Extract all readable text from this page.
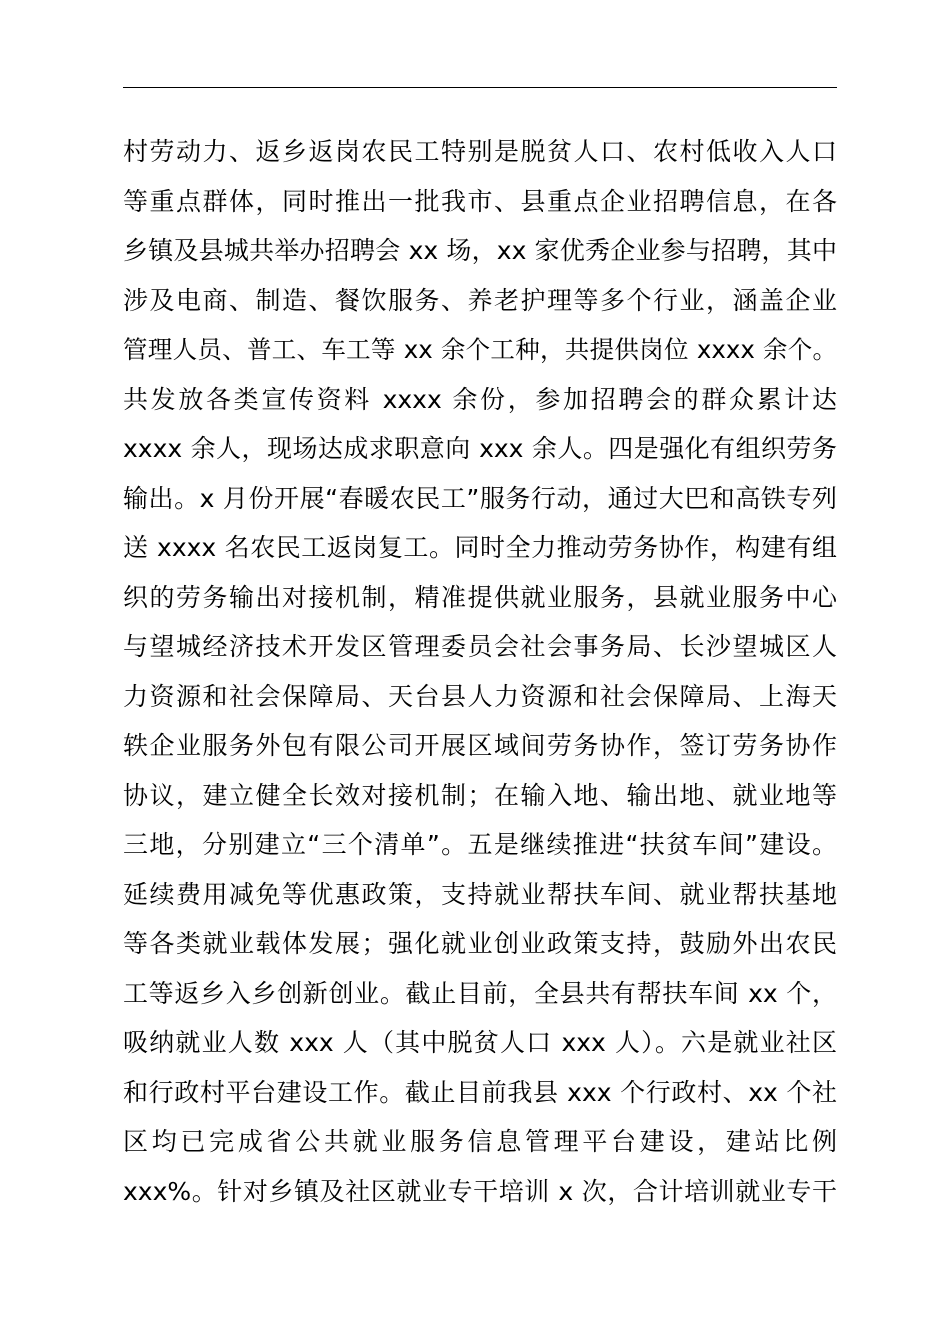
村劳动力、返乡返岗农民工特别是脱贫人口、农村低收入人口
等重点群体，同时推出一批我市、县重点企业招聘信息，在各
乡镇及县城共举办招聘会 xx 场，xx 家优秀企业参与招聘，其中
涉及电商、制造、餐饮服务、养老护理等多个行业，涵盖企业
管理人员、普工、车工等 xx 余个工种，共提供岗位 xxxx 余个。
共发放各类宣传资料 xxxx 余份，参加招聘会的群众累计达
xxxx 余人，现场达成求职意向 xxx 余人。四是强化有组织劳务
输出。x 月份开展“春暖农民工”服务行动，通过大巴和高铁专列
送 xxxx 名农民工返岗复工。同时全力推动劳务协作，构建有组
织的劳务输出对接机制，精准提供就业服务，县就业服务中心
与望城经济技术开发区管理委员会社会事务局、长沙望城区人
力资源和社会保障局、天台县人力资源和社会保障局、上海天
轶企业服务外包有限公司开展区域间劳务协作，签订劳务协作
协议，建立健全长效对接机制；在输入地、输出地、就业地等
三地，分别建立“三个清单”。五是继续推进“扶贫车间”建设。
延续费用减免等优惠政策，支持就业帮扶车间、就业帮扶基地
等各类就业载体发展；强化就业创业政策支持，鼓励外出农民
工等返乡入乡创新创业。截止目前，全县共有帮扶车间 xx 个，
吸纳就业人数 xxx 人（其中脱贫人口 xxx 人）。六是就业社区
和行政村平台建设工作。截止目前我县 xxx 个行政村、xx 个社
区均已完成省公共就业服务信息管理平台建设，建站比例
xxx%。针对乡镇及社区就业专干培训 x 次，合计培训就业专干
